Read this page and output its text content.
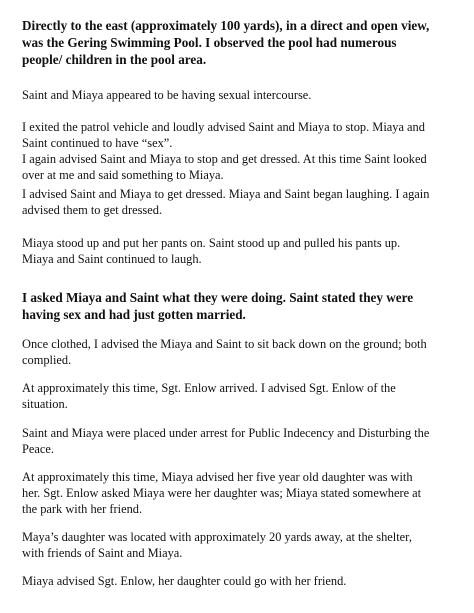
Directly to the east (approximately 100 yards), in a direct and open view,
was the Gering Swimming Pool. I observed the pool had numerous
people/ children in the pool area.

Saint and Miaya appeared to be having sexual intercourse.

I exited the patrol vehicle and loudly advised Saint and Miaya to stop. Miaya and
Saint continued to have “sex”.
I again advised Saint and Miaya to stop and get dressed. At this time Saint looked
over at me and said something to Miaya.

I advised Saint and Miaya to get dressed. Miaya and Saint began laughing. I again
advised them to get dressed.

Miaya stood up and put her pants on. Saint stood up and pulled his pants up.
Miaya and Saint continued to laugh.

I asked Miaya and Saint what they were doing. Saint stated they were
having sex and had just gotten married.

Once clothed, I advised the Miaya and Saint to sit back down on the ground; both
complied.

At approximately this time, Sgt. Enlow arrived. I advised Sgt. Enlow of the
situation.

Saint and Miaya were placed under arrest for Public Indecency and Disturbing the
Peace.

At approximately this time, Miaya advised her five year old daughter was with
her. Sgt. Enlow asked Miaya were her daughter was; Miaya stated somewhere at
the park with her friend.

Maya’s daughter was located with approximately 20 yards away, at the shelter,
with friends of Saint and Miaya.

Miaya advised Sgt. Enlow, her daughter could go with her friend.
